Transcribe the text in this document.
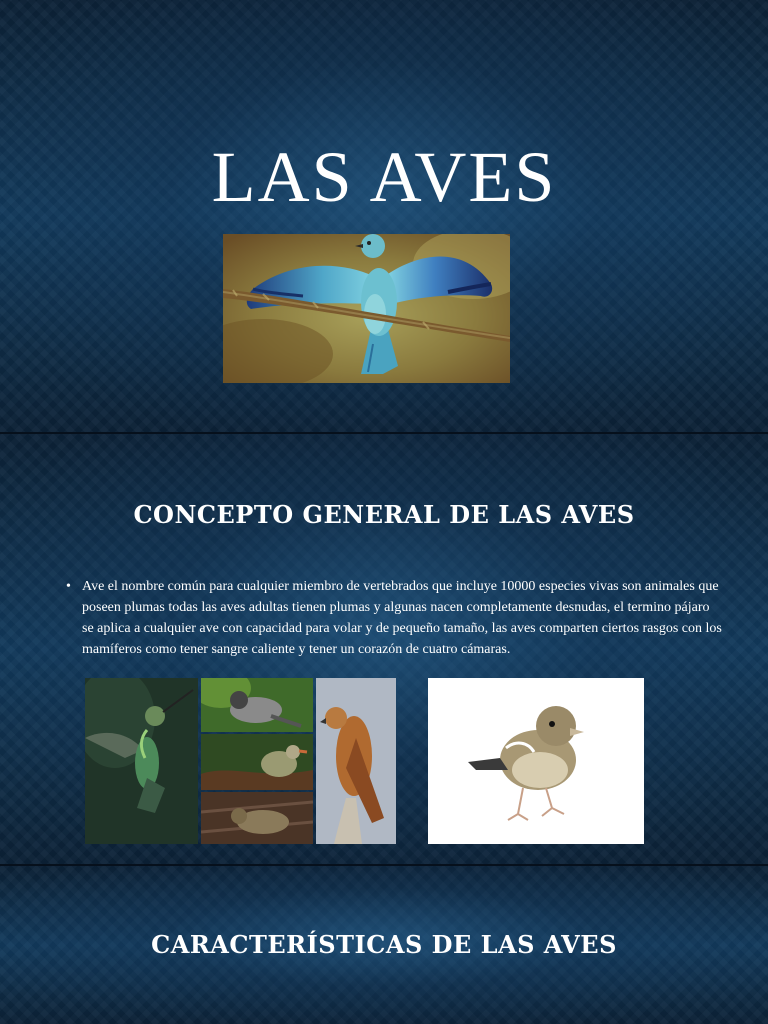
LAS AVES
CONCEPTO GENERAL DE LAS AVES
• Ave el nombre común para cualquier miembro de vertebrados que incluye 10000 especies vivas son animales que poseen plumas todas las aves adultas tienen plumas y algunas nacen completamente desnudas, el termino pájaro se aplica a cualquier ave con capacidad para volar y de pequeño tamaño, las aves comparten ciertos rasgos con los mamíferos como tener sangre caliente y tener un corazón de cuatro cámaras.
CARACTERÍSTICAS DE LAS AVES
